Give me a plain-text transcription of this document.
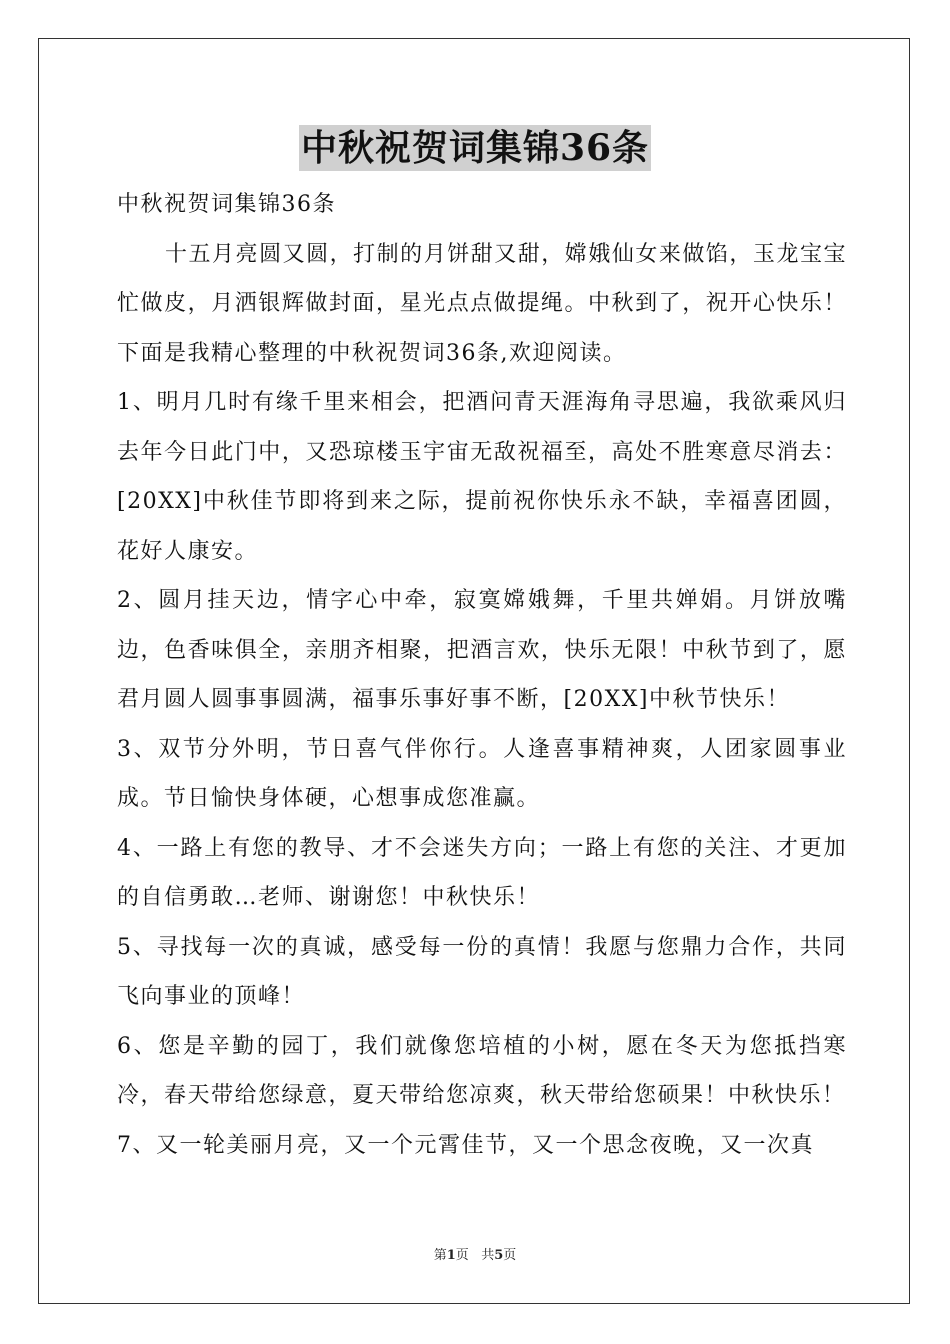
中秋祝贺词集锦36条

中秋祝贺词集锦36条

十五月亮圆又圆，打制的月饼甜又甜，嫦娥仙女来做馅，玉龙宝宝忙做皮，月洒银辉做封面，星光点点做提绳。中秋到了，祝开心快乐！下面是我精心整理的中秋祝贺词36条,欢迎阅读。

1、明月几时有缘千里来相会，把酒问青天涯海角寻思遍，我欲乘风归去年今日此门中，又恐琼楼玉宇宙无敌祝福至，高处不胜寒意尽消去：[20XX]中秋佳节即将到来之际，提前祝你快乐永不缺，幸福喜团圆，花好人康安。

2、圆月挂天边，情字心中牵，寂寞嫦娥舞，千里共婵娟。月饼放嘴边，色香味俱全，亲朋齐相聚，把酒言欢，快乐无限！中秋节到了，愿君月圆人圆事事圆满，福事乐事好事不断，[20XX]中秋节快乐！

3、双节分外明，节日喜气伴你行。人逢喜事精神爽，人团家圆事业成。节日愉快身体硬，心想事成您准赢。

4、一路上有您的教导、才不会迷失方向；一路上有您的关注、才更加的自信勇敢…老师、谢谢您！中秋快乐！

5、寻找每一次的真诚，感受每一份的真情！我愿与您鼎力合作，共同飞向事业的顶峰！

6、您是辛勤的园丁，我们就像您培植的小树，愿在冬天为您抵挡寒冷，春天带给您绿意，夏天带给您凉爽，秋天带给您硕果！中秋快乐！

7、又一轮美丽月亮，又一个元霄佳节，又一个思念夜晚，又一次真

第1页 共5页
